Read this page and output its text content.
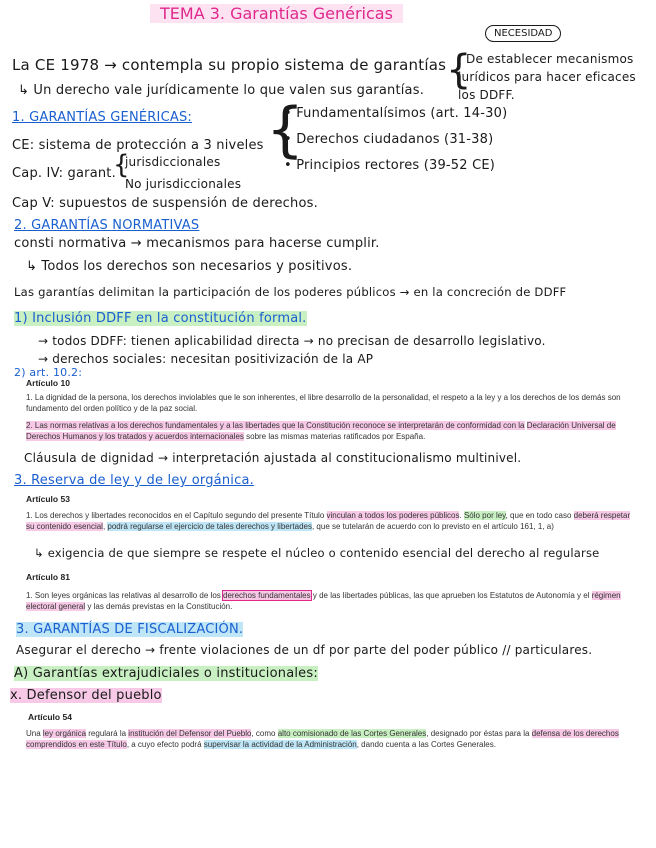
TEMA 3. Garantías Genéricas
NECESIDAD
La CE 1978 → contempla su propio sistema de garantías
↳ Un derecho vale jurídicamente lo que valen sus garantías. {
De establecer mecanismos
jurídicos para hacer eficaces
los DDFF.
1. GARANTÍAS GENÉRICAS:
CE: sistema de protección a 3 niveles
Cap. IV: garant.
{
jurisdiccionales
No jurisdiccionales
Cap V: supuestos de suspensión de derechos.
{
• Fundamentalísimos (art. 14-30)
• Derechos ciudadanos (31-38)
• Principios rectores (39-52 CE)
2. GARANTÍAS NORMATIVAS
consti normativa → mecanismos para hacerse cumplir.
↳ Todos los derechos son necesarios y positivos.
Las garantías delimitan la participación de los poderes públicos → en la concreción de DDFF
1) Inclusión DDFF en la constitución formal.
→ todos DDFF: tienen aplicabilidad directa → no precisan de desarrollo legislativo.
→ derechos sociales: necesitan positivización de la AP
2) art. 10.2:
Artículo 10
1. La dignidad de la persona, los derechos inviolables que le son inherentes, el libre desarrollo de la personalidad, el respeto a la ley y a los derechos de los demás son fundamento del orden político y de la paz social.
2. Las normas relativas a los derechos fundamentales y a las libertades que la Constitución reconoce se interpretarán de conformidad con la Declaración Universal de Derechos Humanos y los tratados y acuerdos internacionales sobre las mismas materias ratificados por España.
Cláusula de dignidad → interpretación ajustada al constitucionalismo multinivel.
3. Reserva de ley y de ley orgánica.
Artículo 53
1. Los derechos y libertades reconocidos en el Capítulo segundo del presente Título vinculan a todos los poderes públicos. Sólo por ley, que en todo caso deberá respetar su contenido esencial, podrá regularse el ejercicio de tales derechos y libertades, que se tutelarán de acuerdo con lo previsto en el artículo 161, 1, a)
↳ exigencia de que siempre se respete el núcleo o contenido esencial del derecho al regularse
Artículo 81
1. Son leyes orgánicas las relativas al desarrollo de los derechos fundamentales y de las libertades públicas, las que aprueben los Estatutos de Autonomía y el régimen electoral general y las demás previstas en la Constitución.
3. GARANTÍAS DE FISCALIZACIÓN.
Asegurar el derecho → frente violaciones de un df por parte del poder público // particulares.
A) Garantías extrajudiciales o institucionales:
x. Defensor del pueblo
Artículo 54
Una ley orgánica regulará la institución del Defensor del Pueblo, como alto comisionado de las Cortes Generales, designado por éstas para la defensa de los derechos comprendidos en este Título, a cuyo efecto podrá supervisar la actividad de la Administración, dando cuenta a las Cortes Generales.
